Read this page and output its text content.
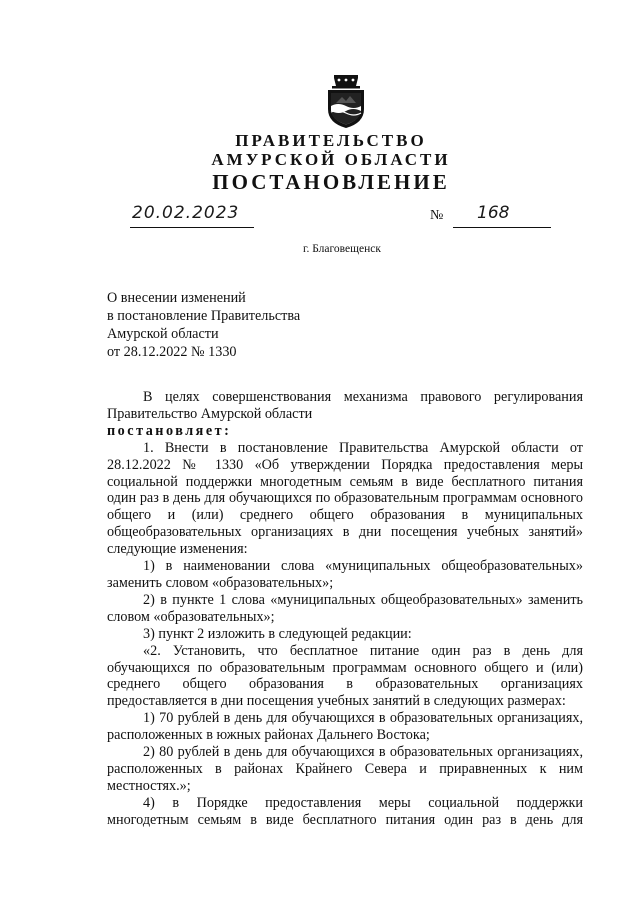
ПРАВИТЕЛЬСТВО
АМУРСКОЙ ОБЛАСТИ
ПОСТАНОВЛЕНИЕ
20.02.2023	№ 168
г. Благовещенск
О внесении изменений
в постановление Правительства
Амурской области
от 28.12.2022 № 1330

В целях совершенствования механизма правового регулирования Правительство Амурской области

постановляет:

1. Внести в постановление Правительства Амурской области от 28.12.2022 № 1330 «Об утверждении Порядка предоставления меры социальной поддержки многодетным семьям в виде бесплатного питания один раз в день для обучающихся по образовательным программам основного общего и (или) среднего общего образования в муниципальных общеобразовательных организациях в дни посещения учебных занятий» следующие изменения:

1) в наименовании слова «муниципальных общеобразовательных» заменить словом «образовательных»;

2) в пункте 1 слова «муниципальных общеобразовательных» заменить словом «образовательных»;

3) пункт 2 изложить в следующей редакции:

«2. Установить, что бесплатное питание один раз в день для обучающихся по образовательным программам основного общего и (или) среднего общего образования в образовательных организациях предоставляется в дни посещения учебных занятий в следующих размерах:

1) 70 рублей в день для обучающихся в образовательных организациях, расположенных в южных районах Дальнего Востока;

2) 80 рублей в день для обучающихся в образовательных организациях, расположенных в районах Крайнего Севера и приравненных к ним местностях.»;

4) в Порядке предоставления меры социальной поддержки многодетным семьям в виде бесплатного питания один раз в день для
